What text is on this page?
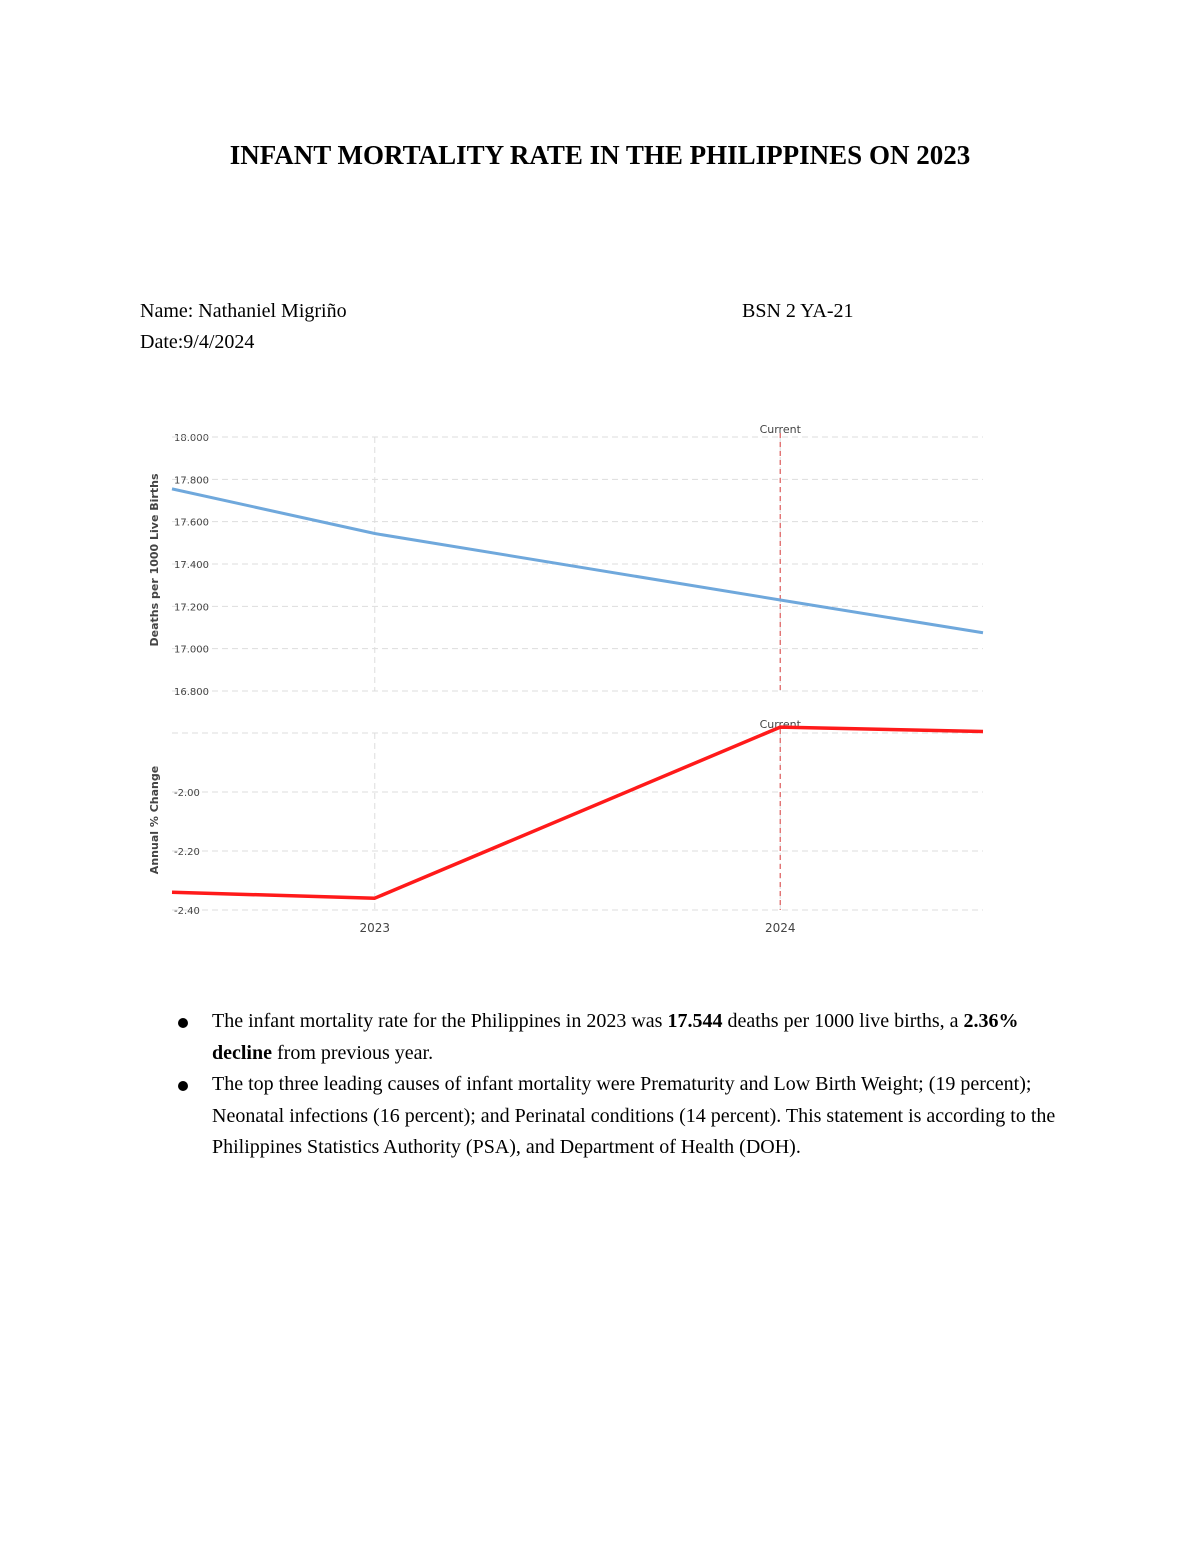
INFANT MORTALITY RATE IN THE PHILIPPINES ON 2023
Name: Nathaniel Migriño	BSN 2 YA-21
Date:9/4/2024
16.800
17.000
17.200
17.400
17.600
17.800
18.000
Deaths per 1000 Live Births
Current
-2.40
-2.20
-2.00
Annual % Change
Current
2023	2024
The infant mortality rate for the Philippines in 2023 was 17.544 deaths per 1000 live births, a 2.36% decline from previous year.
The top three leading causes of infant mortality were Prematurity and Low Birth Weight; (19 percent); Neonatal infections (16 percent); and Perinatal conditions (14 percent). This statement is according to the Philippines Statistics Authority (PSA), and Department of Health (DOH).
